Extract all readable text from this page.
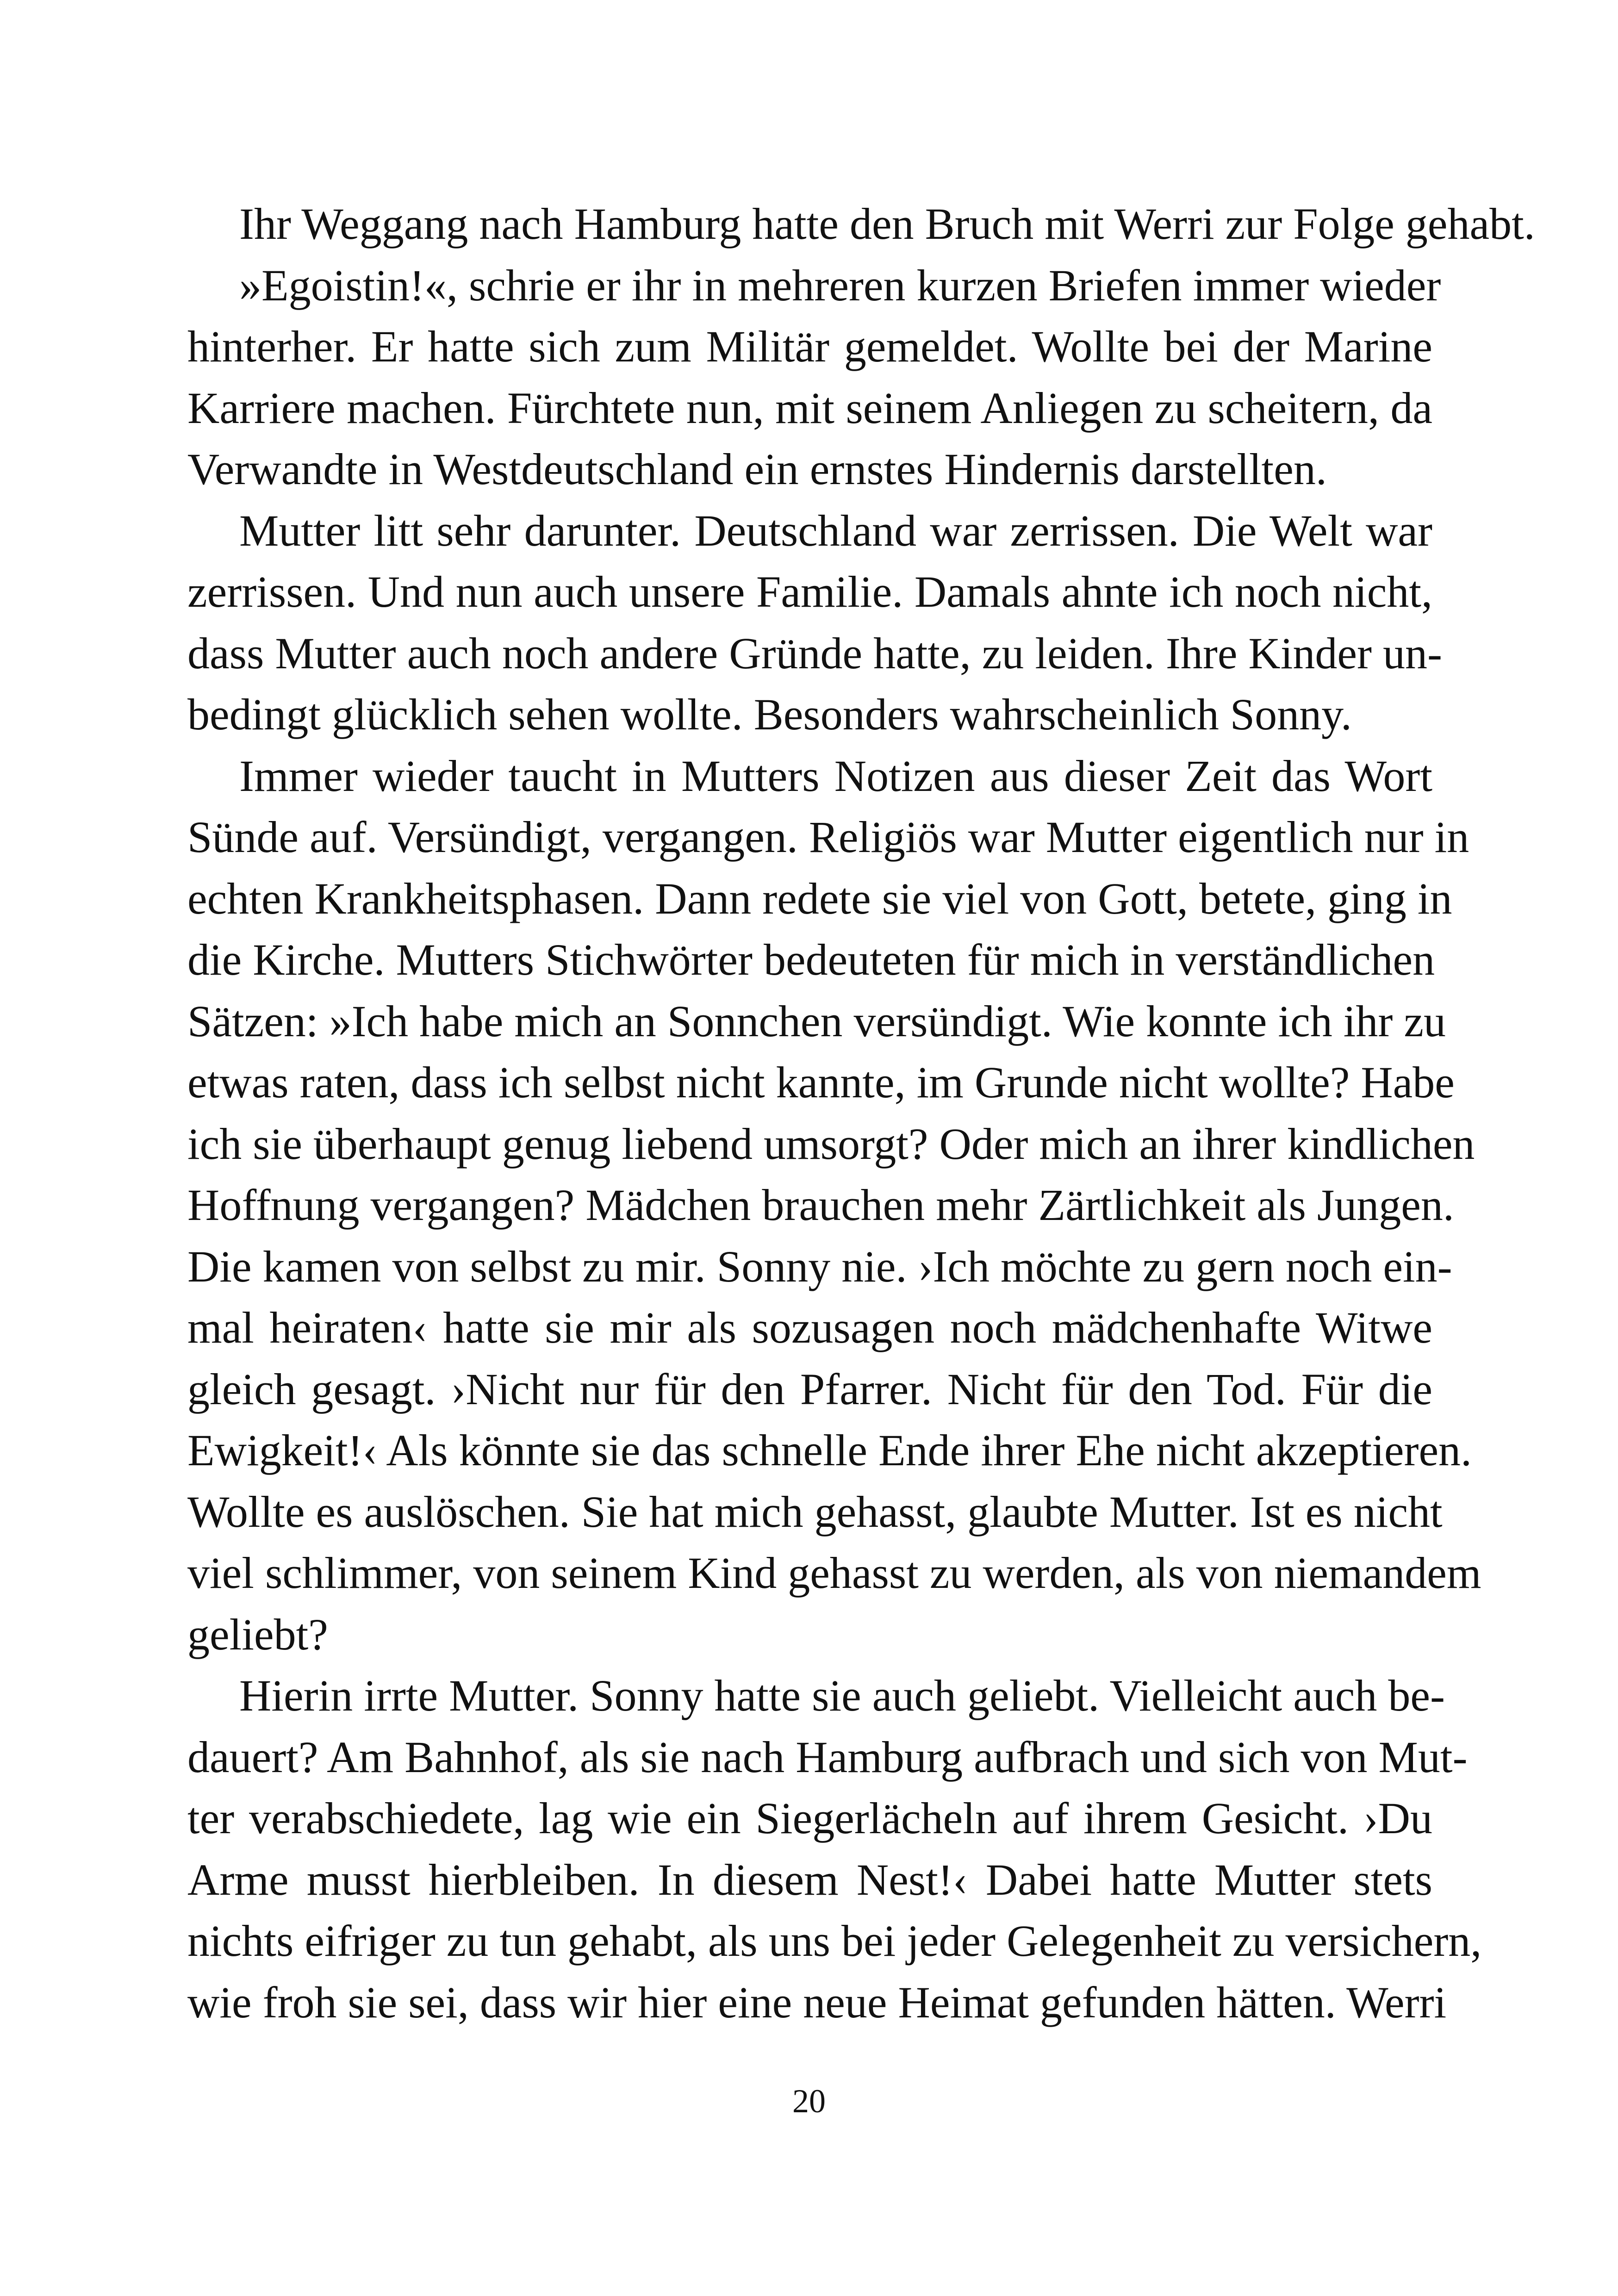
Ihr Weggang nach Hamburg hatte den Bruch mit Werri zur Folge gehabt.
»Egoistin!«, schrie er ihr in mehreren kurzen Briefen immer wieder
hinterher. Er hatte sich zum Militär gemeldet. Wollte bei der Marine
Karriere machen. Fürchtete nun, mit seinem Anliegen zu scheitern, da
Verwandte in Westdeutschland ein ernstes Hindernis darstellten.
Mutter litt sehr darunter. Deutschland war zerrissen. Die Welt war
zerrissen. Und nun auch unsere Familie. Damals ahnte ich noch nicht,
dass Mutter auch noch andere Gründe hatte, zu leiden. Ihre Kinder un-
bedingt glücklich sehen wollte. Besonders wahrscheinlich Sonny.
Immer wieder taucht in Mutters Notizen aus dieser Zeit das Wort
Sünde auf. Versündigt, vergangen. Religiös war Mutter eigentlich nur in
echten Krankheitsphasen. Dann redete sie viel von Gott, betete, ging in
die Kirche. Mutters Stichwörter bedeuteten für mich in verständlichen
Sätzen: »Ich habe mich an Sonnchen versündigt. Wie konnte ich ihr zu
etwas raten, dass ich selbst nicht kannte, im Grunde nicht wollte? Habe
ich sie überhaupt genug liebend umsorgt? Oder mich an ihrer kindlichen
Hoffnung vergangen? Mädchen brauchen mehr Zärtlichkeit als Jungen.
Die kamen von selbst zu mir. Sonny nie. ›Ich möchte zu gern noch ein-
mal heiraten‹ hatte sie mir als sozusagen noch mädchenhafte Witwe
gleich gesagt. ›Nicht nur für den Pfarrer. Nicht für den Tod. Für die
Ewigkeit!‹ Als könnte sie das schnelle Ende ihrer Ehe nicht akzeptieren.
Wollte es auslöschen. Sie hat mich gehasst, glaubte Mutter. Ist es nicht
viel schlimmer, von seinem Kind gehasst zu werden, als von niemandem
geliebt?
Hierin irrte Mutter. Sonny hatte sie auch geliebt. Vielleicht auch be-
dauert? Am Bahnhof, als sie nach Hamburg aufbrach und sich von Mut-
ter verabschiedete, lag wie ein Siegerlächeln auf ihrem Gesicht. ›Du
Arme musst hierbleiben. In diesem Nest!‹ Dabei hatte Mutter stets
nichts eifriger zu tun gehabt, als uns bei jeder Gelegenheit zu versichern,
wie froh sie sei, dass wir hier eine neue Heimat gefunden hätten. Werri
20
